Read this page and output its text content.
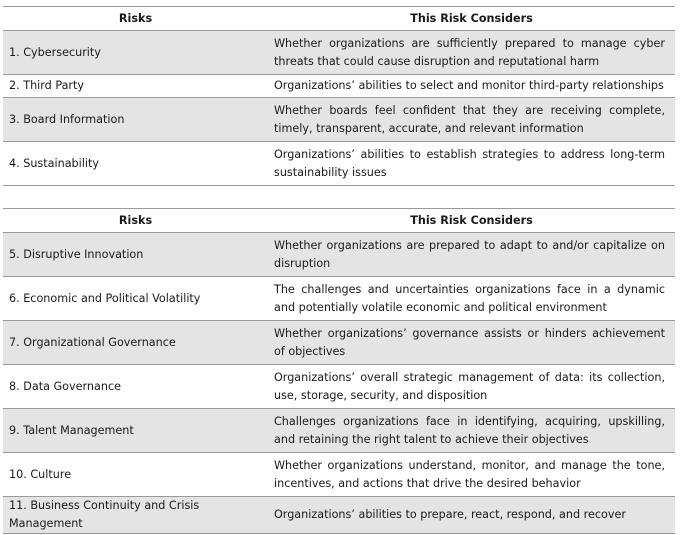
Risks	This Risk Considers
1. Cybersecurity	Whether organizations are sufficiently prepared to manage cyber threats that could cause disruption and reputational harm
2. Third Party	Organizations’ abilities to select and monitor third-party relationships
3. Board Information	Whether boards feel confident that they are receiving complete, timely, transparent, accurate, and relevant information
4. Sustainability	Organizations’ abilities to establish strategies to address long-term sustainability issues
Risks	This Risk Considers
5. Disruptive Innovation	Whether organizations are prepared to adapt to and/or capitalize on disruption
6. Economic and Political Volatility	The challenges and uncertainties organizations face in a dynamic and potentially volatile economic and political environment
7. Organizational Governance	Whether organizations’ governance assists or hinders achievement of objectives
8. Data Governance	Organizations’ overall strategic management of data: its collection, use, storage, security, and disposition
9. Talent Management	Challenges organizations face in identifying, acquiring, upskilling, and retaining the right talent to achieve their objectives
10. Culture	Whether organizations understand, monitor, and manage the tone, incentives, and actions that drive the desired behavior
11. Business Continuity and Crisis Management	Organizations’ abilities to prepare, react, respond, and recover
